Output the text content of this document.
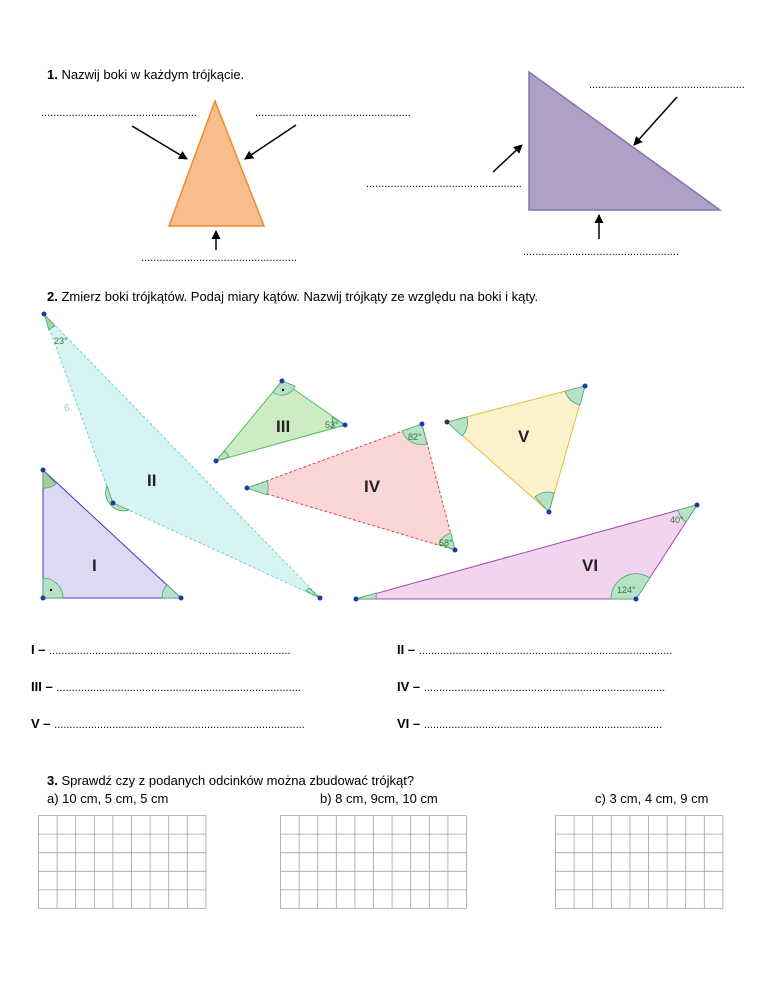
1. Nazwij boki w każdym trójkącie.
...................................................	...................................................
...................................................
...................................................
...................................................
...................................................
23°
6
53°
82°
58°
40°
124°
I
II
III
IV
V
VI
2. Zmierz boki trójkątów. Podaj miary kątów. Nazwij trójkąty ze względu na boki i kąty.
I – ...............................................................................	II – ...................................................................................
III – ................................................................................	IV – ...............................................................................
V – ..................................................................................	VI – ..............................................................................
3. Sprawdź czy z podanych odcinków można zbudować trójkąt?
a) 10 cm, 5 cm, 5 cm	b) 8 cm, 9cm, 10 cm	c) 3 cm, 4 cm, 9 cm
